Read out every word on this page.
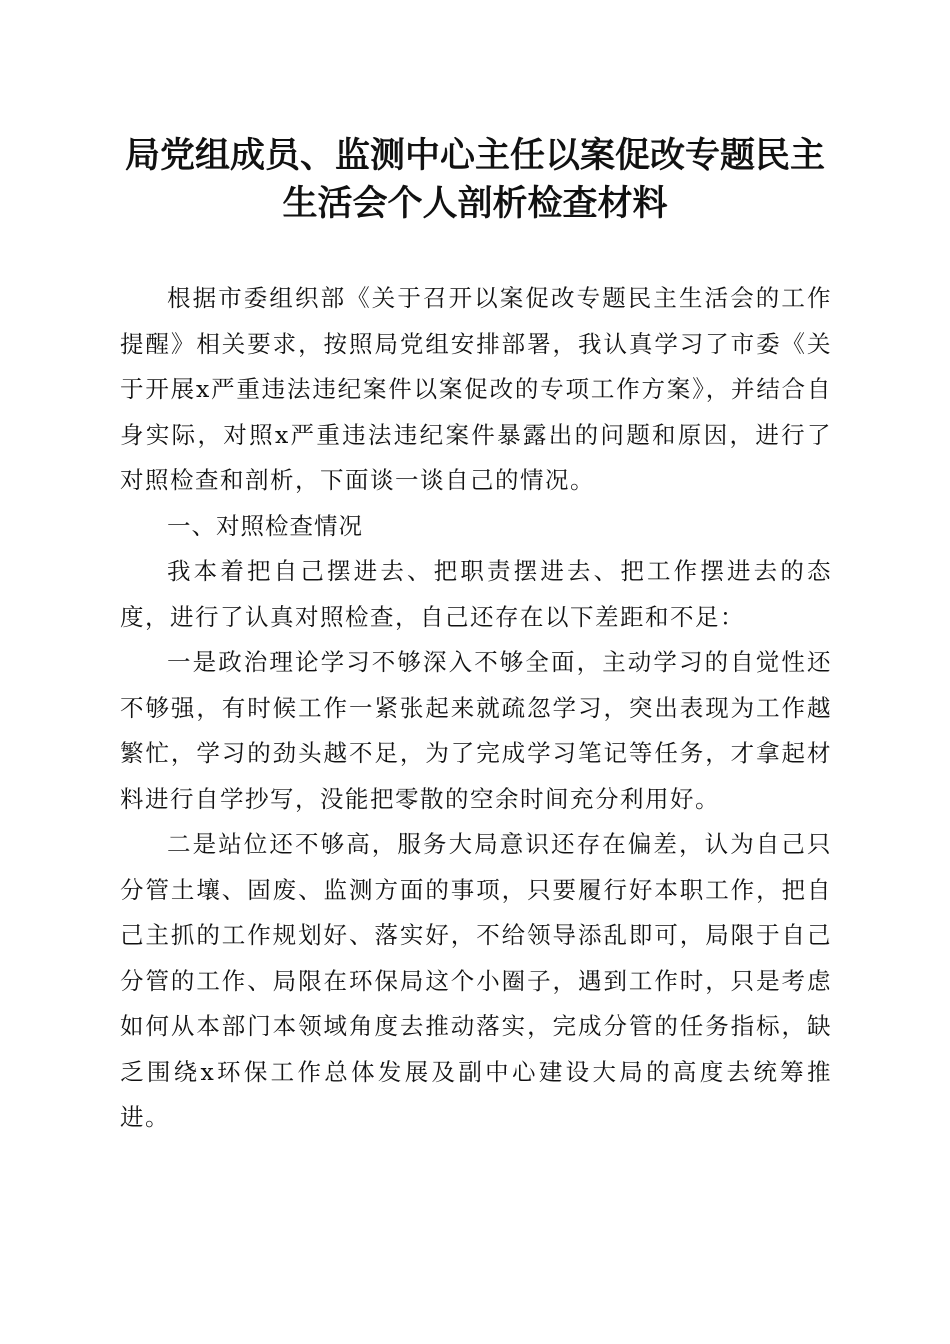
局党组成员、监测中心主任以案促改专题民主
生活会个人剖析检查材料

根据市委组织部《关于召开以案促改专题民主生活会的工作提醒》相关要求，按照局党组安排部署，我认真学习了市委《关于开展x严重违法违纪案件以案促改的专项工作方案》，并结合自身实际，对照x严重违法违纪案件暴露出的问题和原因，进行了对照检查和剖析，下面谈一谈自己的情况。

一、对照检查情况

我本着把自己摆进去、把职责摆进去、把工作摆进去的态度，进行了认真对照检查，自己还存在以下差距和不足：

一是政治理论学习不够深入不够全面，主动学习的自觉性还不够强，有时候工作一紧张起来就疏忽学习，突出表现为工作越繁忙，学习的劲头越不足，为了完成学习笔记等任务，才拿起材料进行自学抄写，没能把零散的空余时间充分利用好。

二是站位还不够高，服务大局意识还存在偏差，认为自己只分管土壤、固废、监测方面的事项，只要履行好本职工作，把自己主抓的工作规划好、落实好，不给领导添乱即可，局限于自己分管的工作、局限在环保局这个小圈子，遇到工作时，只是考虑如何从本部门本领域角度去推动落实，完成分管的任务指标，缺乏围绕x环保工作总体发展及副中心建设大局的高度去统筹推进。
